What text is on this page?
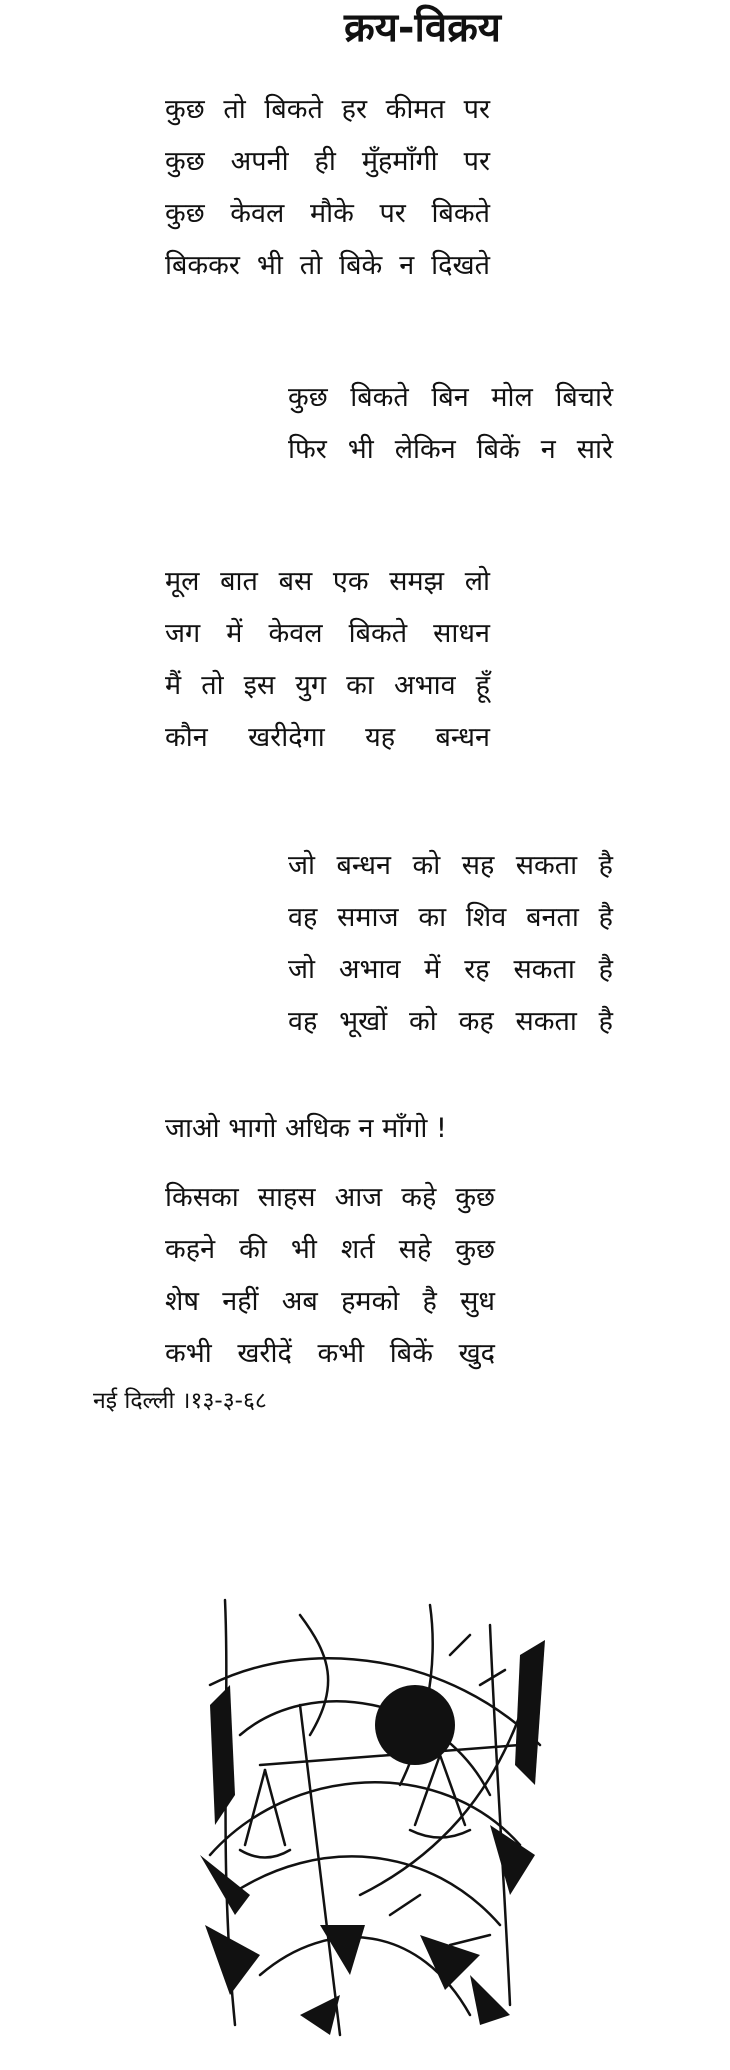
क्रय-विक्रय
कुछ तो बिकते हर कीमत पर
कुछ अपनी ही मुँहमाँगी पर
कुछ केवल मौके पर बिकते
बिककर भी तो बिके न दिखते
कुछ बिकते बिन मोल बिचारे
फिर भी लेकिन बिकें न सारे
मूल बात बस एक समझ लो
जग में केवल बिकते साधन
मैं तो इस युग का अभाव हूँ
कौन खरीदेगा यह बन्धन
जो बन्धन को सह सकता है
वह समाज का शिव बनता है
जो अभाव में रह सकता है
वह भूखों को कह सकता है
जाओ भागो अधिक न माँगो !
किसका साहस आज कहे कुछ
कहने की भी शर्त सहे कुछ
शेष नहीं अब हमको है सुध
कभी खरीदें कभी बिकें खुद
नई दिल्ली ।१३-३-६८
